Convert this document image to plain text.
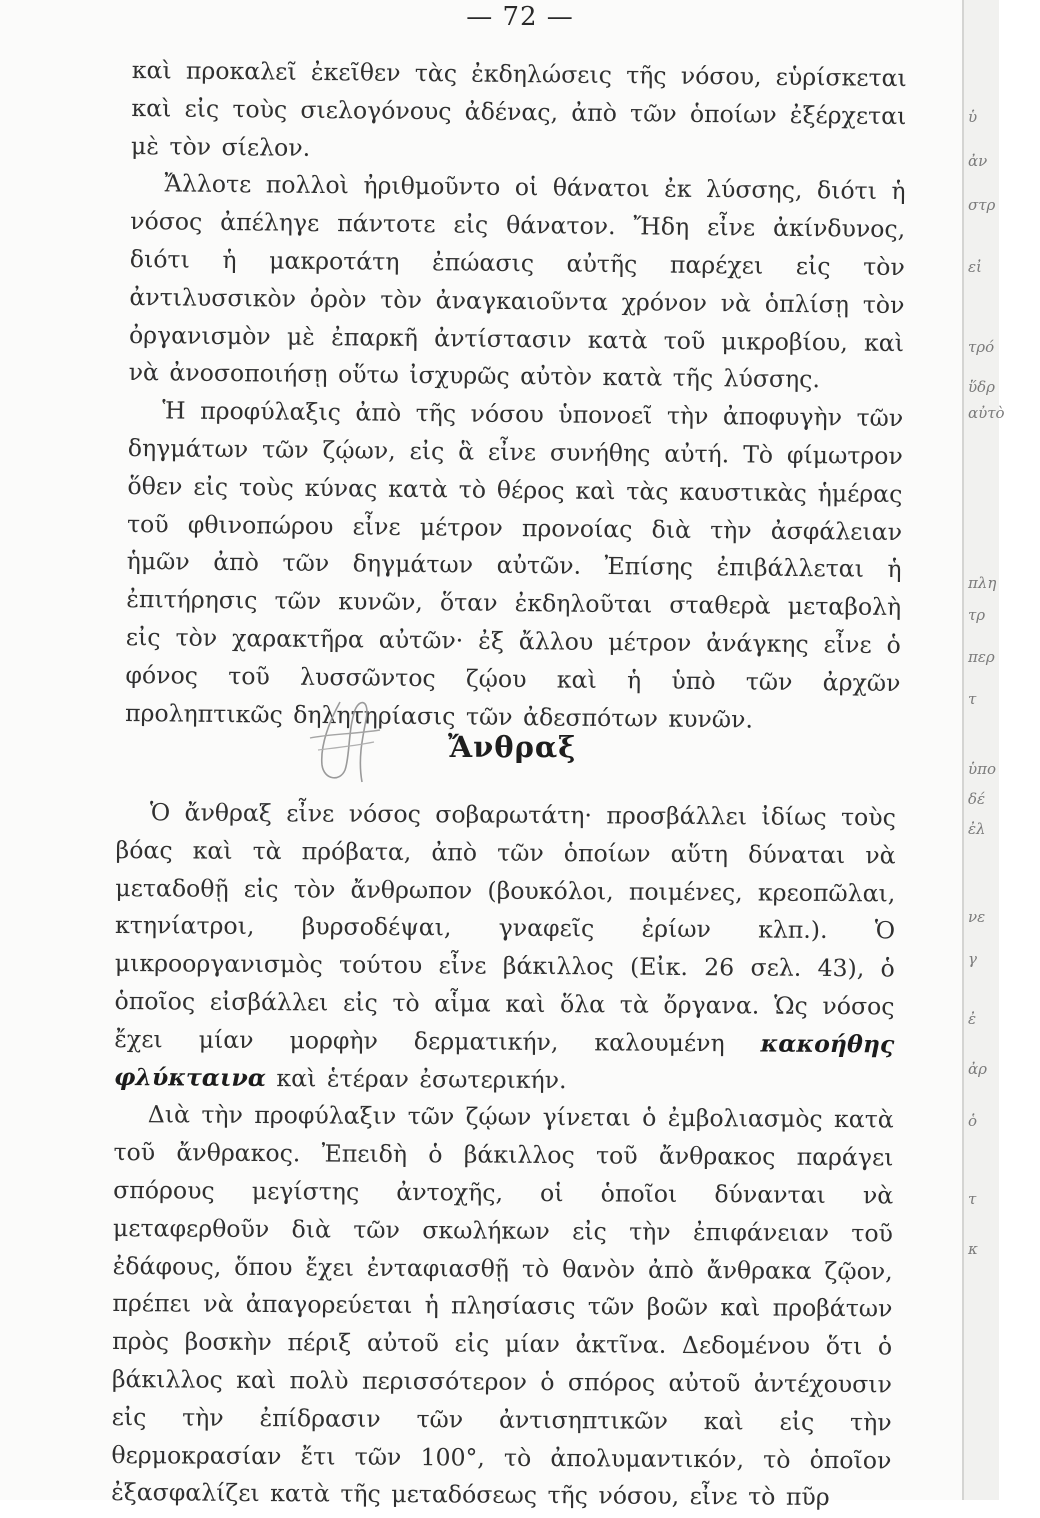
— 72 —

καὶ προκαλεῖ ἐκεῖθεν τὰς ἐκδηλώσεις τῆς νόσου, εὑρίσκεται καὶ εἰς τοὺς σιελογόνους ἀδένας, ἀπὸ τῶν ὁποίων ἐξέρχεται μὲ τὸν σίελον.

Ἄλλοτε πολλοὶ ἠριθμοῦντο οἱ θάνατοι ἐκ λύσσης, διότι ἡ νόσος ἀπέληγε πάντοτε εἰς θάνατον. Ἤδη εἶνε ἀκίνδυνος, διότι ἡ μακροτάτη ἐπώασις αὐτῆς παρέχει εἰς τὸν ἀντιλυσσικὸν ὀρὸν τὸν ἀναγκαιοῦντα χρόνον νὰ ὁπλίσῃ τὸν ὀργανισμὸν μὲ ἐπαρκῆ ἀντίστασιν κατὰ τοῦ μικροβίου, καὶ νὰ ἀνοσοποιήσῃ οὕτω ἰσχυρῶς αὐτὸν κατὰ τῆς λύσσης.

Ἡ προφύλαξις ἀπὸ τῆς νόσου ὑπονοεῖ τὴν ἀποφυγὴν τῶν δηγμάτων τῶν ζῴων, εἰς ἃ εἶνε συνήθης αὐτή. Τὸ φίμωτρον ὅθεν εἰς τοὺς κύνας κατὰ τὸ θέρος καὶ τὰς καυστικὰς ἡμέρας τοῦ φθινοπώρου εἶνε μέτρον προνοίας διὰ τὴν ἀσφάλειαν ἡμῶν ἀπὸ τῶν δηγμάτων αὐτῶν. Ἐπίσης ἐπιβάλλεται ἡ ἐπιτήρησις τῶν κυνῶν, ὅταν ἐκδηλοῦται σταθερὰ μεταβολὴ εἰς τὸν χαρακτῆρα αὐτῶν· ἐξ ἄλλου μέτρον ἀνάγκης εἶνε ὁ φόνος τοῦ λυσσῶντος ζῴου καὶ ἡ ὑπὸ τῶν ἀρχῶν προληπτικῶς δηλητηρίασις τῶν ἀδεσπότων κυνῶν.

Ἄνθραξ

Ὁ ἄνθραξ εἶνε νόσος σοβαρωτάτη· προσβάλλει ἰδίως τοὺς βόας καὶ τὰ πρόβατα, ἀπὸ τῶν ὁποίων αὕτη δύναται νὰ μεταδοθῇ εἰς τὸν ἄνθρωπον (βουκόλοι, ποιμένες, κρεοπῶλαι, κτηνίατροι, βυρσοδέψαι, γναφεῖς ἐρίων κλπ.). Ὁ μικροοργανισμὸς τούτου εἶνε βάκιλλος (Εἰκ. 26 σελ. 43), ὁ ὁποῖος εἰσβάλλει εἰς τὸ αἷμα καὶ ὅλα τὰ ὄργανα. Ὡς νόσος ἔχει μίαν μορφὴν δερματικήν, καλουμένη κακοήθης φλύκταινα καὶ ἑτέραν ἐσωτερικήν.

Διὰ τὴν προφύλαξιν τῶν ζῴων γίνεται ὁ ἐμβολιασμὸς κατὰ τοῦ ἄνθρακος. Ἐπειδὴ ὁ βάκιλλος τοῦ ἄνθρακος παράγει σπόρους μεγίστης ἀντοχῆς, οἱ ὁποῖοι δύνανται νὰ μεταφερθοῦν διὰ τῶν σκωλήκων εἰς τὴν ἐπιφάνειαν τοῦ ἐδάφους, ὅπου ἔχει ἐνταφιασθῇ τὸ θανὸν ἀπὸ ἄνθρακα ζῷον, πρέπει νὰ ἀπαγορεύεται ἡ πλησίασις τῶν βοῶν καὶ προβάτων πρὸς βοσκὴν πέριξ αὐτοῦ εἰς μίαν ἀκτῖνα. Δεδομένου ὅτι ὁ βάκιλλος καὶ πολὺ περισσότερον ὁ σπόρος αὐτοῦ ἀντέχουσιν εἰς τὴν ἐπίδρασιν τῶν ἀντισηπτικῶν καὶ εἰς τὴν θερμοκρασίαν ἔτι τῶν 100°, τὸ ἀπολυμαντικόν, τὸ ὁποῖον ἐξασφαλίζει κατὰ τῆς μεταδόσεως τῆς νόσου, εἶνε τὸ πῦρ

ὑ
ἀν
στρ
εἰ
τρό
ὕδρ
αὐτὸ
πλη
τρ
περ
τ
ὑπο
δέ
ἐλ
νε
γ
ἐ
ἀρ
ὁ
τ
κ
